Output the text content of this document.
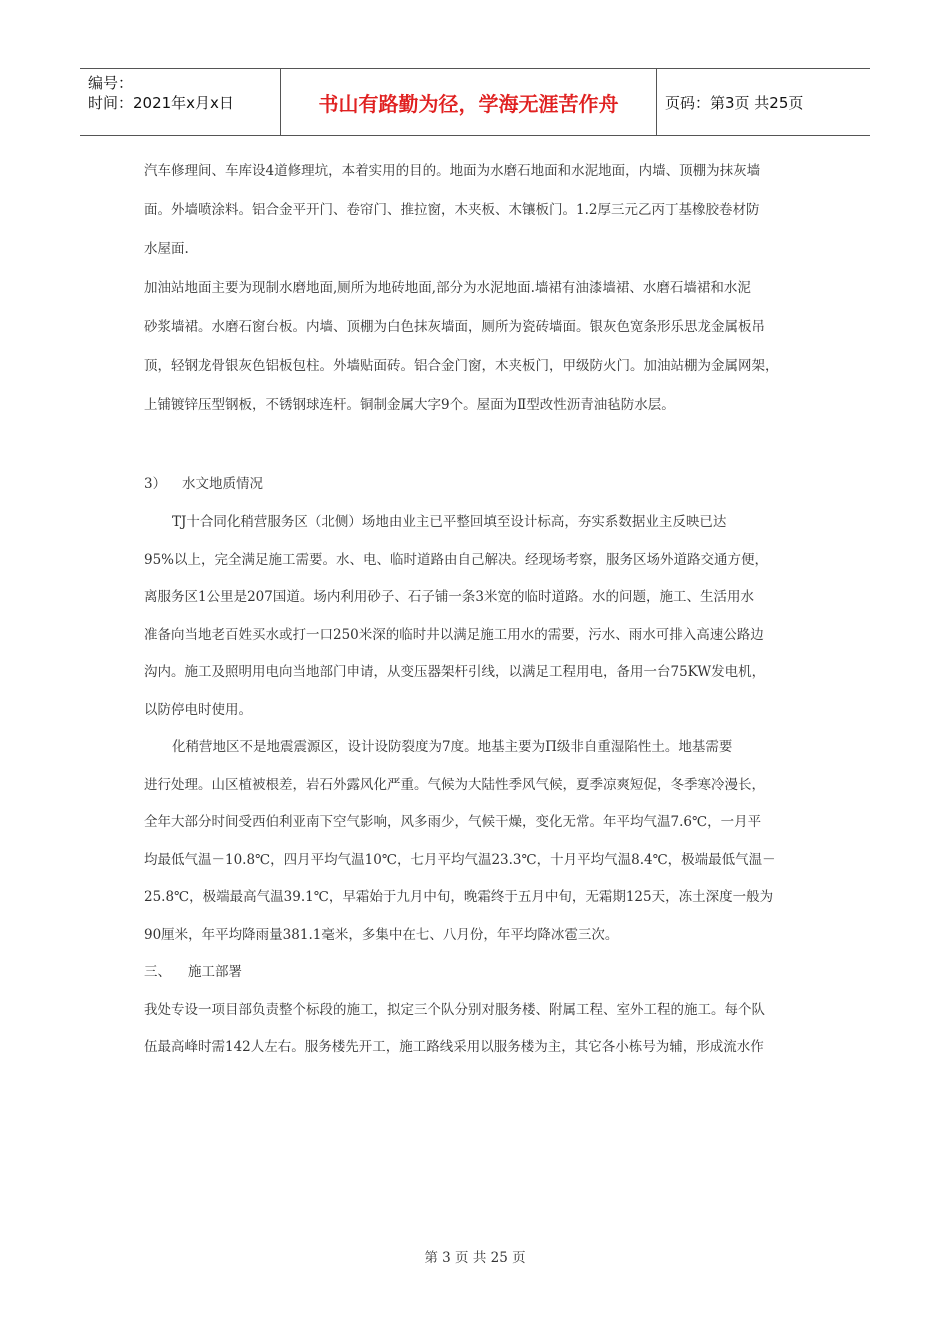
编号：
时间：2021年x月x日	书山有路勤为径，学海无涯苦作舟	页码：第3页 共25页
汽车修理间、车库设4道修理坑，本着实用的目的。地面为水磨石地面和水泥地面，内墙、顶棚为抹灰墙
面。外墙喷涂料。铝合金平开门、卷帘门、推拉窗，木夹板、木镶板门。1.2厚三元乙丙丁基橡胶卷材防
水屋面.
加油站地面主要为现制水磨地面,厕所为地砖地面,部分为水泥地面.墙裙有油漆墙裙、水磨石墙裙和水泥
砂浆墙裙。水磨石窗台板。内墙、顶棚为白色抹灰墙面，厕所为瓷砖墙面。银灰色宽条形乐思龙金属板吊
顶，轻钢龙骨银灰色铝板包柱。外墙贴面砖。铝合金门窗，木夹板门，甲级防火门。加油站棚为金属网架，
上铺镀锌压型钢板，不锈钢球连杆。铜制金属大字9个。屋面为Ⅱ型改性沥青油毡防水层。
3） 水文地质情况
TJ十合同化稍营服务区（北侧）场地由业主已平整回填至设计标高，夯实系数据业主反映已达
95%以上，完全满足施工需要。水、电、临时道路由自己解决。经现场考察，服务区场外道路交通方便，
离服务区1公里是207国道。场内利用砂子、石子铺一条3米宽的临时道路。水的问题，施工、生活用水
准备向当地老百姓买水或打一口250米深的临时井以满足施工用水的需要，污水、雨水可排入高速公路边
沟内。施工及照明用电向当地部门申请，从变压器架杆引线，以满足工程用电，备用一台75KW发电机，
以防停电时使用。
化稍营地区不是地震震源区，设计设防裂度为7度。地基主要为Π级非自重湿陷性土。地基需要
进行处理。山区植被根差，岩石外露风化严重。气候为大陆性季风气候，夏季凉爽短促，冬季寒冷漫长，
全年大部分时间受西伯利亚南下空气影响，风多雨少，气候干燥，变化无常。年平均气温7.6℃，一月平
均最低气温－10.8℃，四月平均气温10℃，七月平均气温23.3℃，十月平均气温8.4℃，极端最低气温－
25.8℃，极端最高气温39.1℃，早霜始于九月中旬，晚霜终于五月中旬，无霜期125天，冻土深度一般为
90厘米，年平均降雨量381.1毫米，多集中在七、八月份，年平均降冰雹三次。
三、 施工部署
我处专设一项目部负责整个标段的施工，拟定三个队分别对服务楼、附属工程、室外工程的施工。每个队
伍最高峰时需142人左右。服务楼先开工，施工路线采用以服务楼为主，其它各小栋号为辅，形成流水作
第 3 页 共 25 页
